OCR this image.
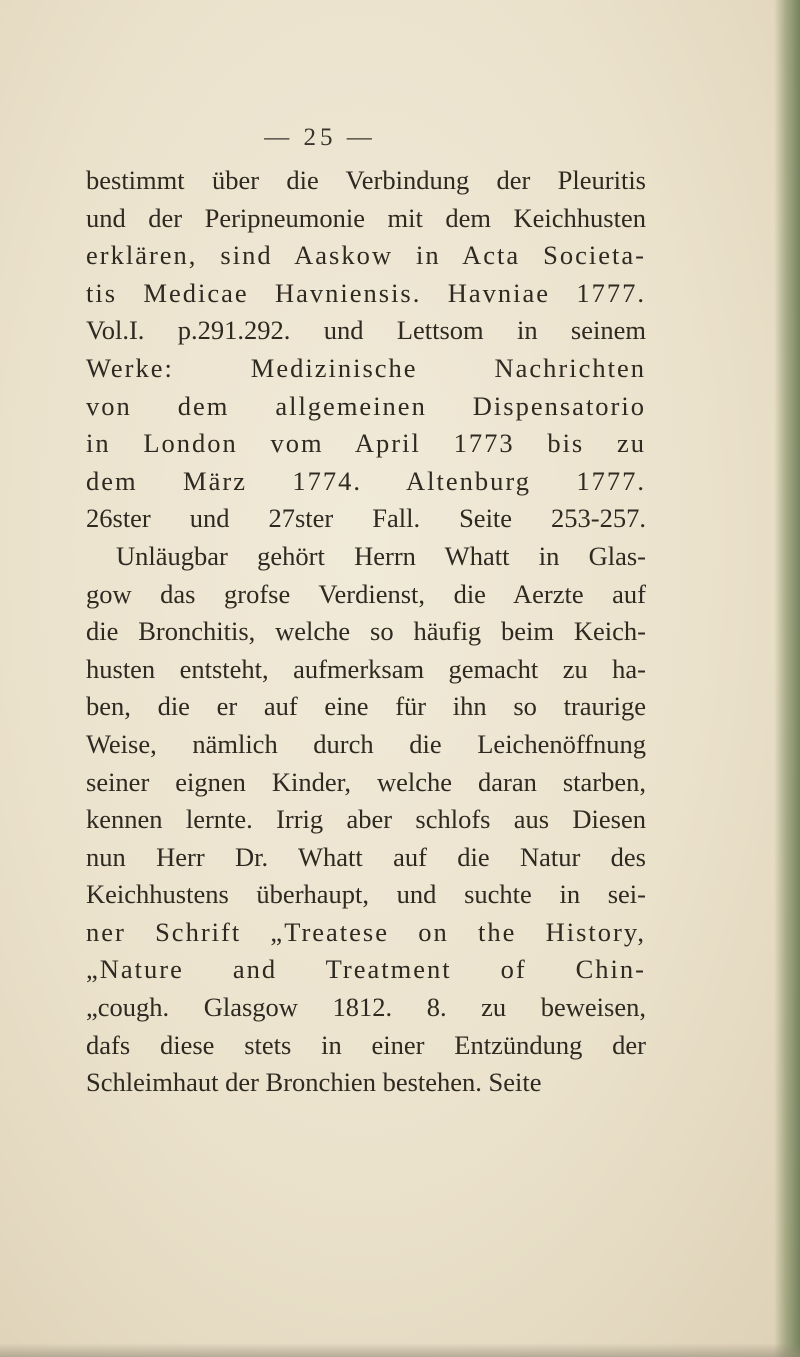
— 25 —
bestimmt über die Verbindung der Pleuritis
und der Peripneumonie mit dem Keichhusten
erklären, sind Aaskow in Acta Societa-
tis Medicae Havniensis. Havniae 1777.
Vol.I. p.291.292. und Lettsom in seinem
Werke: Medizinische Nachrichten
von dem allgemeinen Dispensatorio
in London vom April 1773 bis zu
dem März 1774. Altenburg 1777.
26ster und 27ster Fall. Seite 253-257.
Unläugbar gehört Herrn Whatt in Glas-
gow das grofse Verdienst, die Aerzte auf
die Bronchitis, welche so häufig beim Keich-
husten entsteht, aufmerksam gemacht zu ha-
ben, die er auf eine für ihn so traurige
Weise, nämlich durch die Leichenöffnung
seiner eignen Kinder, welche daran starben,
kennen lernte. Irrig aber schlofs aus Diesen
nun Herr Dr. Whatt auf die Natur des
Keichhustens überhaupt, und suchte in sei-
ner Schrift „Treatese on the History,
„Nature and Treatment of Chin-
„cough. Glasgow 1812. 8. zu beweisen,
dafs diese stets in einer Entzündung der
Schleimhaut der Bronchien bestehen. Seite
